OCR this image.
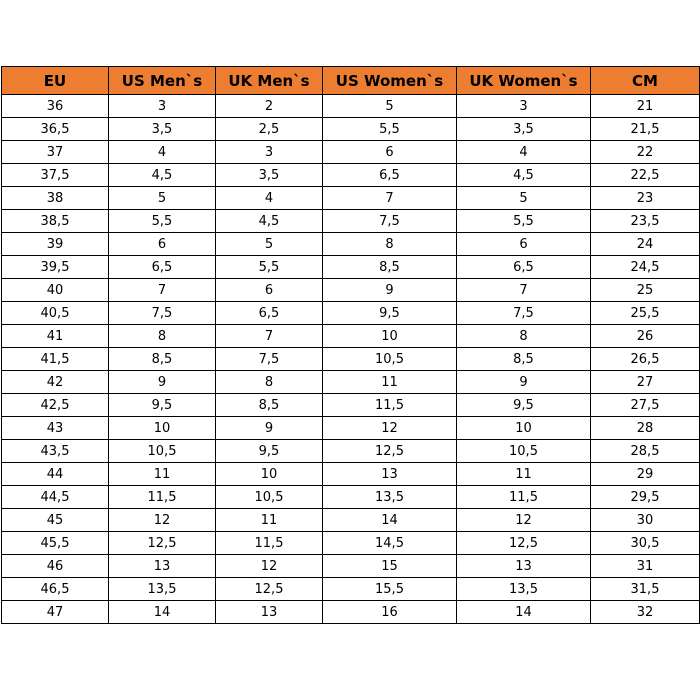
EU	US Men`s	UK Men`s	US Women`s	UK Women`s	CM
36	3	2	5	3	21
36,5	3,5	2,5	5,5	3,5	21,5
37	4	3	6	4	22
37,5	4,5	3,5	6,5	4,5	22,5
38	5	4	7	5	23
38,5	5,5	4,5	7,5	5,5	23,5
39	6	5	8	6	24
39,5	6,5	5,5	8,5	6,5	24,5
40	7	6	9	7	25
40,5	7,5	6,5	9,5	7,5	25,5
41	8	7	10	8	26
41,5	8,5	7,5	10,5	8,5	26,5
42	9	8	11	9	27
42,5	9,5	8,5	11,5	9,5	27,5
43	10	9	12	10	28
43,5	10,5	9,5	12,5	10,5	28,5
44	11	10	13	11	29
44,5	11,5	10,5	13,5	11,5	29,5
45	12	11	14	12	30
45,5	12,5	11,5	14,5	12,5	30,5
46	13	12	15	13	31
46,5	13,5	12,5	15,5	13,5	31,5
47	14	13	16	14	32
